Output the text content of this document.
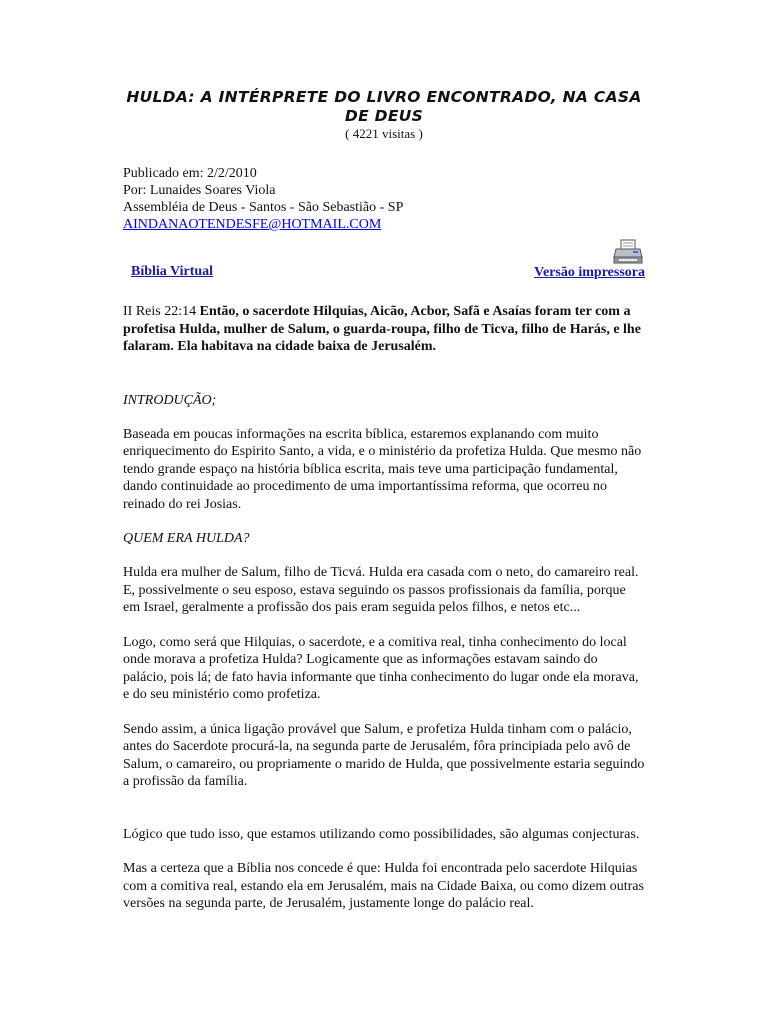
HULDA: A INTÉRPRETE DO LIVRO ENCONTRADO, NA CASA DE DEUS
( 4221 visitas )
Publicado em: 2/2/2010
Por: Lunaides Soares Viola
Assembléia de Deus - Santos - São Sebastião - SP
AINDANAOTENDESFE@HOTMAIL.COM
Bíblia Virtual	Versão impressora
II Reis 22:14 Então, o sacerdote Hilquias, Aicão, Acbor, Safã e Asaías foram ter com a profetisa Hulda, mulher de Salum, o guarda-roupa, filho de Ticva, filho de Harás, e lhe falaram. Ela habitava na cidade baixa de Jerusalém.
INTRODUÇÃO;

Baseada em poucas informações na escrita bíblica, estaremos explanando com muito enriquecimento do Espirito Santo, a vida, e o ministério da profetiza Hulda. Que mesmo não tendo grande espaço na história bíblica escrita, mais teve uma participação fundamental, dando continuidade ao procedimento de uma importantíssima reforma, que ocorreu no reinado do rei Josias.

QUEM ERA HULDA?

Hulda era mulher de Salum, filho de Ticvá. Hulda era casada com o neto, do camareiro real. E, possivelmente o seu esposo, estava seguindo os passos profissionais da família, porque em Israel, geralmente a profissão dos pais eram seguida pelos filhos, e netos etc...

Logo, como será que Hilquias, o sacerdote, e a comitiva real, tinha conhecimento do local onde morava a profetiza Hulda? Logicamente que as informações estavam saindo do palácio, pois lá; de fato havia informante que tinha conhecimento do lugar onde ela morava, e do seu ministério como profetiza.

Sendo assim, a única ligação provável que Salum, e profetiza Hulda tinham com o palácio, antes do Sacerdote procurá-la, na segunda parte de Jerusalém, fôra principiada pelo avô de Salum, o camareiro, ou propriamente o marido de Hulda, que possivelmente estaria seguindo a profissão da família.

Lógico que tudo isso, que estamos utilizando como possibilidades, são algumas conjecturas.

Mas a certeza que a Bíblia nos concede é que: Hulda foi encontrada pelo sacerdote Hilquias com a comitiva real, estando ela em Jerusalém, mais na Cidade Baixa, ou como dizem outras versões na segunda parte, de Jerusalém, justamente longe do palácio real.
